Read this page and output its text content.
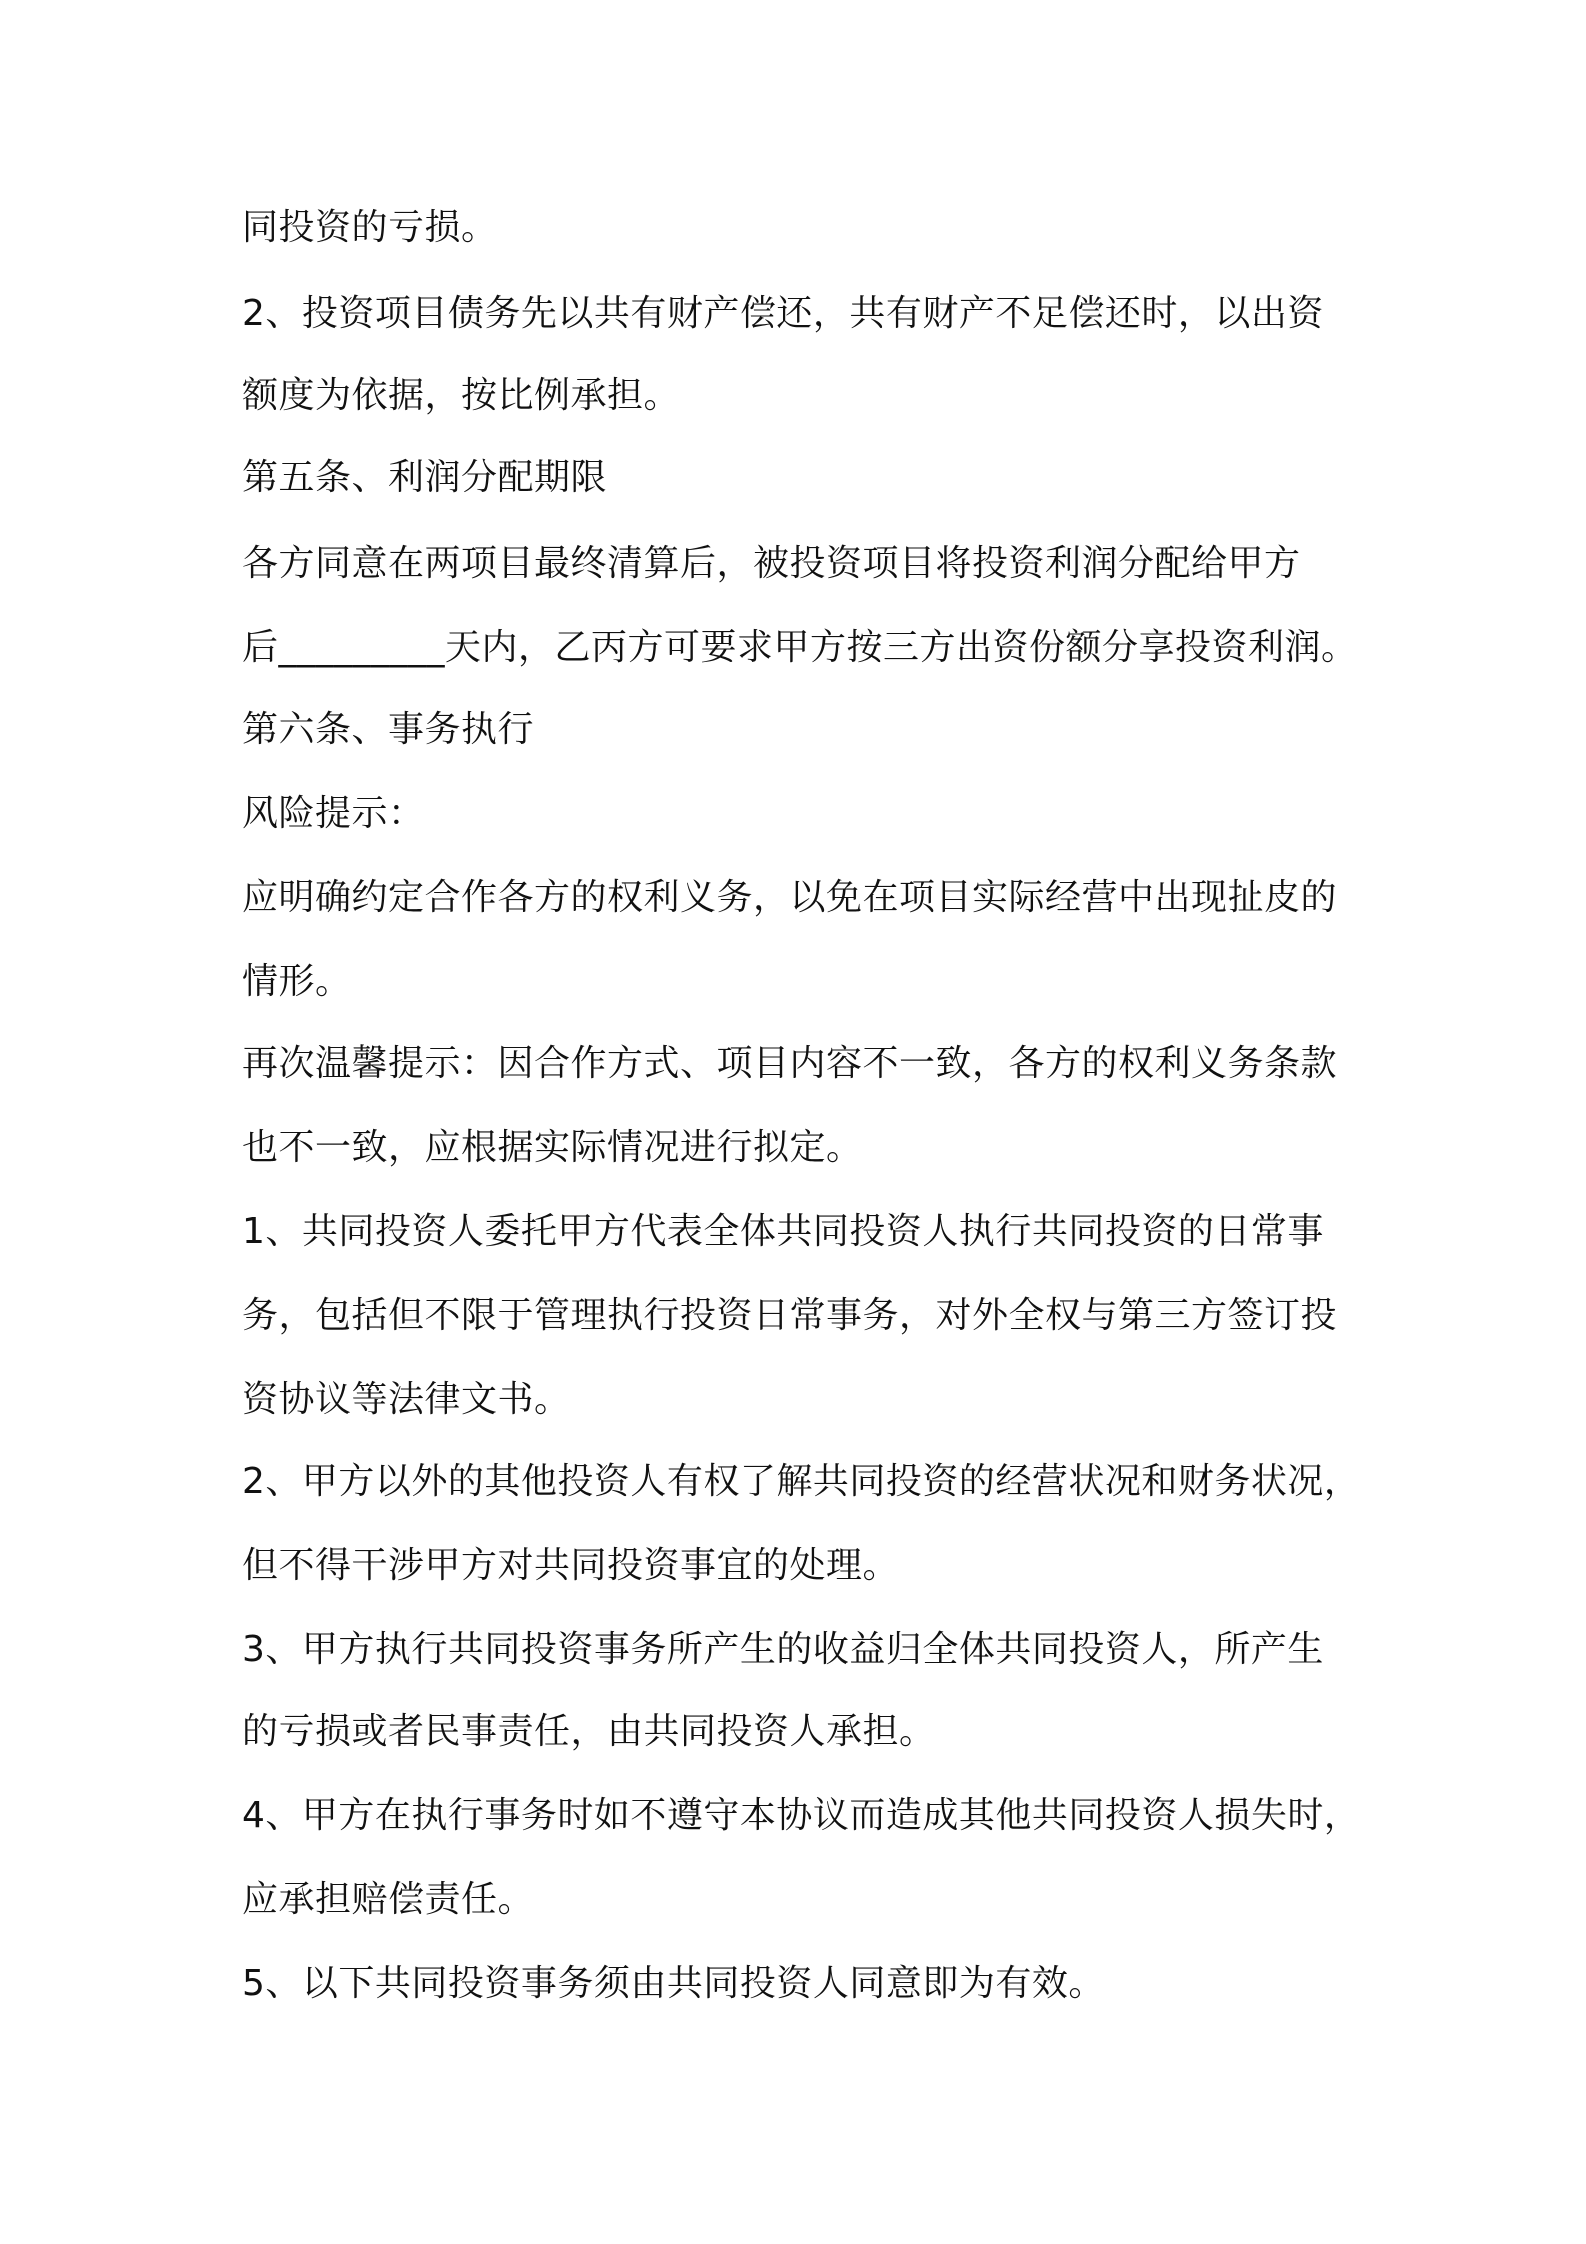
同投资的亏损。
2、投资项目债务先以共有财产偿还，共有财产不足偿还时，以出资
额度为依据，按比例承担。
第五条、利润分配期限
各方同意在两项目最终清算后，被投资项目将投资利润分配给甲方
后_________天内，乙丙方可要求甲方按三方出资份额分享投资利润。
第六条、事务执行
风险提示：
应明确约定合作各方的权利义务，以免在项目实际经营中出现扯皮的
情形。
再次温馨提示：因合作方式、项目内容不一致，各方的权利义务条款
也不一致，应根据实际情况进行拟定。
1、共同投资人委托甲方代表全体共同投资人执行共同投资的日常事
务，包括但不限于管理执行投资日常事务，对外全权与第三方签订投
资协议等法律文书。
2、甲方以外的其他投资人有权了解共同投资的经营状况和财务状况，
但不得干涉甲方对共同投资事宜的处理。
3、甲方执行共同投资事务所产生的收益归全体共同投资人，所产生
的亏损或者民事责任，由共同投资人承担。
4、甲方在执行事务时如不遵守本协议而造成其他共同投资人损失时，
应承担赔偿责任。
5、以下共同投资事务须由共同投资人同意即为有效。
